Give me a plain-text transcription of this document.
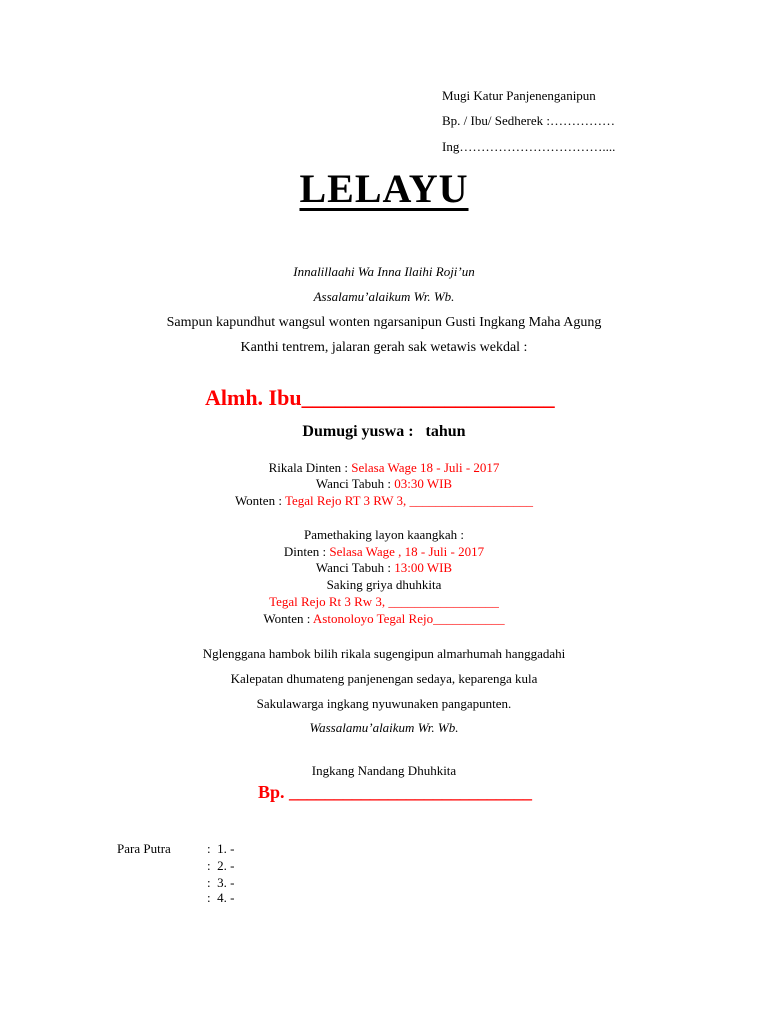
Mugi Katur Panjenenganipun
Bp. / Ibu/ Sedherek :……………
Ing……………………………....
LELAYU
Innalillaahi Wa Inna Ilaihi Roji’un
Assalamu’alaikum Wr. Wb.
Sampun kapundhut wangsul wonten ngarsanipun Gusti Ingkang Maha Agung
Kanthi tentrem, jalaran gerah sak wetawis wekdal :
Almh. Ibu_______________________
Dumugi yuswa : tahun
Rikala Dinten : Selasa Wage 18 - Juli - 2017
Wanci Tabuh : 03:30 WIB
Wonten : Tegal Rejo RT 3 RW 3, ___________________
Pamethaking layon kaangkah :
Dinten : Selasa Wage , 18 - Juli - 2017
Wanci Tabuh : 13:00 WIB
Saking griya dhuhkita
Tegal Rejo Rt 3 Rw 3, _________________
Wonten : Astonoloyo Tegal Rejo___________
Nglenggana hambok bilih rikala sugengipun almarhumah hanggadahi
Kalepatan dhumateng panjenengan sedaya, keparenga kula
Sakulawarga ingkang nyuwunaken pangapunten.
Wassalamu’alaikum Wr. Wb.
Ingkang Nandang Dhuhkita
Bp. ___________________________
Para Putra	: 1. -
: 2. -
: 3. -
: 4. -
